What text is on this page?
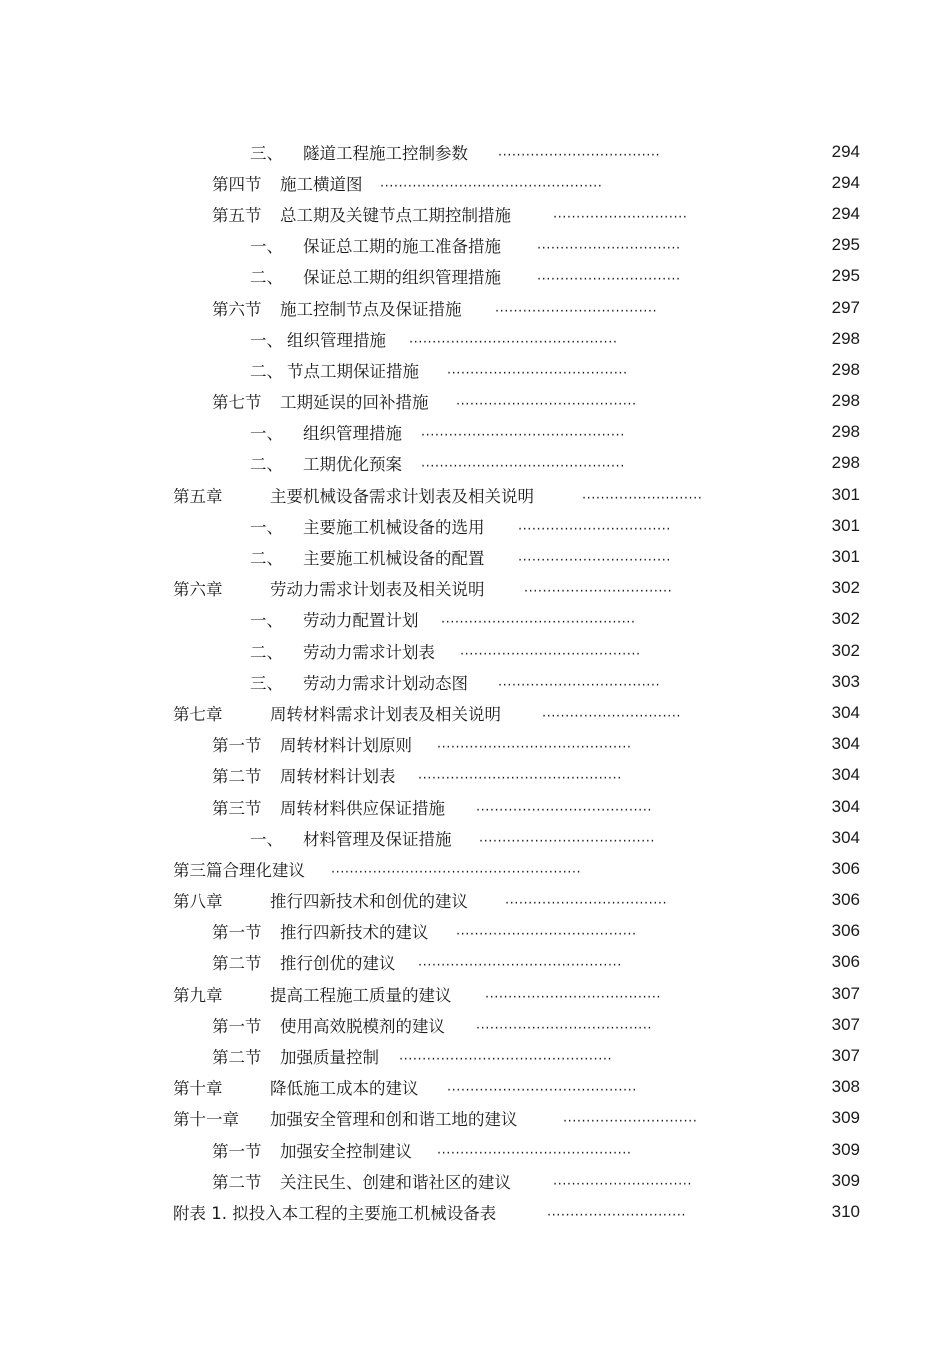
三、 隧道工程施工控制参数 ...................................	294
第四节 施工横道图 ................................................	294
第五节 总工期及关键节点工期控制措施	.............................	294
一、 保证总工期的施工准备措施	...............................	295
二、 保证总工期的组织管理措施	...............................	295
第六节 施工控制节点及保证措施	...................................	297
一、 组织管理措施 .............................................	298
二、 节点工期保证措施 .......................................	298
第七节 工期延误的回补措施 .......................................	298
一、 组织管理措施 ............................................	298
二、 工期优化预案 ............................................	298
第五章	主要机械设备需求计划表及相关说明	..........................	301
一、 主要施工机械设备的选用	.................................	301
二、 主要施工机械设备的配置	.................................	301
第六章	劳动力需求计划表及相关说明	................................	302
一、 劳动力配置计划 ..........................................	302
二、 劳动力需求计划表 .......................................	302
三、 劳动力需求计划动态图 ...................................	303
第七章	周转材料需求计划表及相关说明	..............................	304
第一节 周转材料计划原则 ..........................................	304
第二节 周转材料计划表 ............................................	304
第三节 周转材料供应保证措施 ......................................	304
一、 材料管理及保证措施 ......................................	304
第三篇合理化建议 ......................................................	306
第八章	推行四新技术和创优的建议	...................................	306
第一节 推行四新技术的建议 .......................................	306
第二节 推行创优的建议 ............................................	306
第九章	提高工程施工质量的建议	......................................	307
第一节 使用高效脱模剂的建议 ......................................	307
第二节 加强质量控制 ..............................................	307
第十章	降低施工成本的建议 .........................................	308
第十一章 加强安全管理和创和谐工地的建议	.............................	309
第一节 加强安全控制建议 ..........................................	309
第二节 关注民生、创建和谐社区的建议	..............................	309
附表 1. 拟投入本工程的主要施工机械设备表	..............................	310
